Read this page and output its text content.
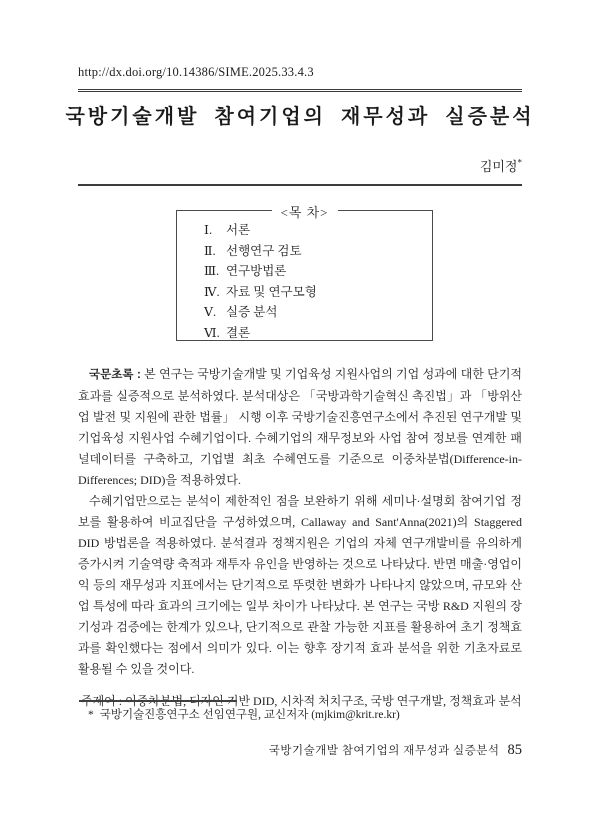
http://dx.doi.org/10.14386/SIME.2025.33.4.3
국방기술개발 참여기업의 재무성과 실증분석
김미정*
<목 차>
Ⅰ. 서론
Ⅱ. 선행연구 검토
Ⅲ. 연구방법론
Ⅳ. 자료 및 연구모형
Ⅴ. 실증 분석
Ⅵ. 결론

국문초록 : 본 연구는 국방기술개발 및 기업육성 지원사업의 기업 성과에 대한 단기적 효과를 실증적으로 분석하였다. 분석대상은 「국방과학기술혁신 촉진법」과 「방위산업 발전 및 지원에 관한 법률」 시행 이후 국방기술진흥연구소에서 추진된 연구개발 및 기업육성 지원사업 수혜기업이다. 수혜기업의 재무정보와 사업 참여 정보를 연계한 패널데이터를 구축하고, 기업별 최초 수혜연도를 기준으로 이중차분법(Difference-in-Differences; DID)을 적용하였다.

수혜기업만으로는 분석이 제한적인 점을 보완하기 위해 세미나·설명회 참여기업 정보를 활용하여 비교집단을 구성하였으며, Callaway and Sant'Anna(2021)의 Staggered DID 방법론을 적용하였다. 분석결과 정책지원은 기업의 자체 연구개발비를 유의하게 증가시켜 기술역량 축적과 재투자 유인을 반영하는 것으로 나타났다. 반면 매출·영업이익 등의 재무성과 지표에서는 단기적으로 뚜렷한 변화가 나타나지 않았으며, 규모와 산업 특성에 따라 효과의 크기에는 일부 차이가 나타났다. 본 연구는 국방 R&D 지원의 장기성과 검증에는 한계가 있으나, 단기적으로 관찰 가능한 지표를 활용하여 초기 정책효과를 확인했다는 점에서 의미가 있다. 이는 향후 장기적 효과 분석을 위한 기초자료로 활용될 수 있을 것이다.

주제어 : 이중차분법, 디자인 기반 DID, 시차적 처치구조, 국방 연구개발, 정책효과 분석

* 국방기술진흥연구소 선임연구원, 교신저자 (mjkim@krit.re.kr)
국방기술개발 참여기업의 재무성과 실증분석 85
